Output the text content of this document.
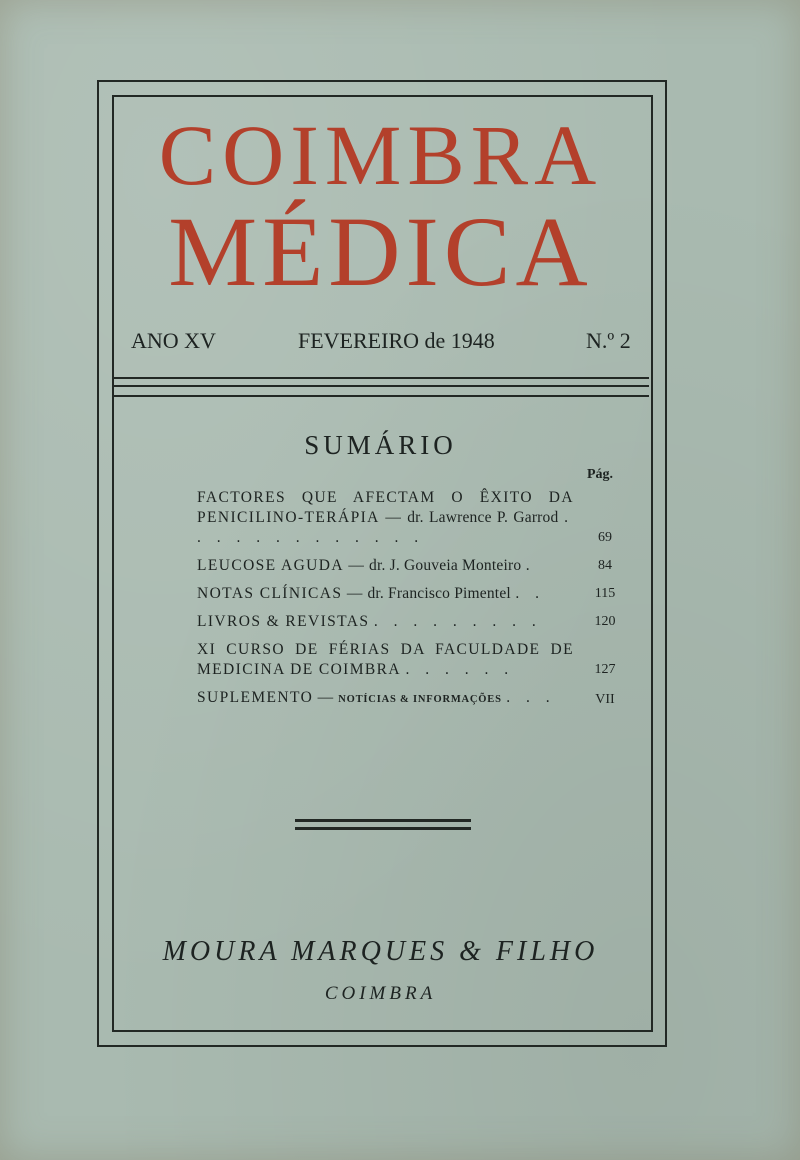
COIMBRA
MÉDICA
ANO XV	FEVEREIRO de 1948	N.º 2
SUMÁRIO
Pág.
FACTORES QUE AFECTAM O ÊXITO DA PENICILINO-TERÁPIA — dr. Lawrence P. Garrod . . . . . . . . . . . . .	69
LEUCOSE AGUDA — dr. J. Gouveia Monteiro .	84
NOTAS CLÍNICAS — dr. Francisco Pimentel . .	115
LIVROS & REVISTAS . . . . . . . . .	120
XI CURSO DE FÉRIAS DA FACULDADE DE MEDICINA DE COIMBRA . . . . . .	127
SUPLEMENTO — NOTÍCIAS & INFORMAÇÕES . . .	VII
MOURA MARQUES & FILHO
COIMBRA
